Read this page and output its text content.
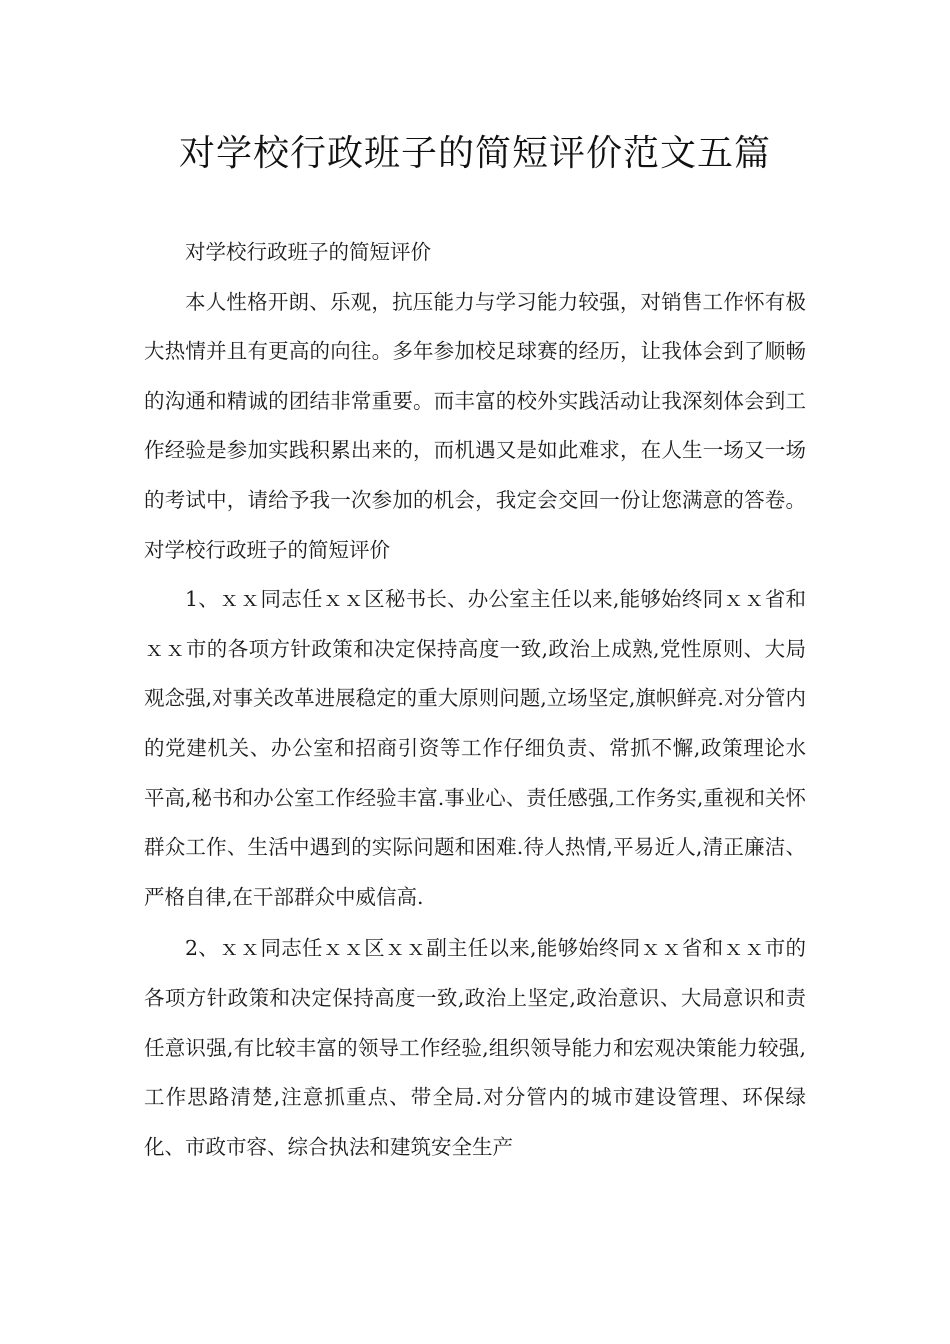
对学校行政班子的简短评价范文五篇

对学校行政班子的简短评价

本人性格开朗、乐观，抗压能力与学习能力较强，对销售工作怀有极大热情并且有更高的向往。多年参加校足球赛的经历，让我体会到了顺畅的沟通和精诚的团结非常重要。而丰富的校外实践活动让我深刻体会到工作经验是参加实践积累出来的，而机遇又是如此难求，在人生一场又一场的考试中，请给予我一次参加的机会，我定会交回一份让您满意的答卷。对学校行政班子的简短评价

1、ｘｘ同志任ｘｘ区秘书长、办公室主任以来,能够始终同ｘｘ省和ｘｘ市的各项方针政策和决定保持高度一致,政治上成熟,党性原则、大局观念强,对事关改革进展稳定的重大原则问题,立场坚定,旗帜鲜亮.对分管内的党建机关、办公室和招商引资等工作仔细负责、常抓不懈,政策理论水平高,秘书和办公室工作经验丰富.事业心、责任感强,工作务实,重视和关怀群众工作、生活中遇到的实际问题和困难.待人热情,平易近人,清正廉洁、严格自律,在干部群众中威信高.

2、ｘｘ同志任ｘｘ区ｘｘ副主任以来,能够始终同ｘｘ省和ｘｘ市的各项方针政策和决定保持高度一致,政治上坚定,政治意识、大局意识和责任意识强,有比较丰富的领导工作经验,组织领导能力和宏观决策能力较强,工作思路清楚,注意抓重点、带全局.对分管内的城市建设管理、环保绿化、市政市容、综合执法和建筑安全生产
